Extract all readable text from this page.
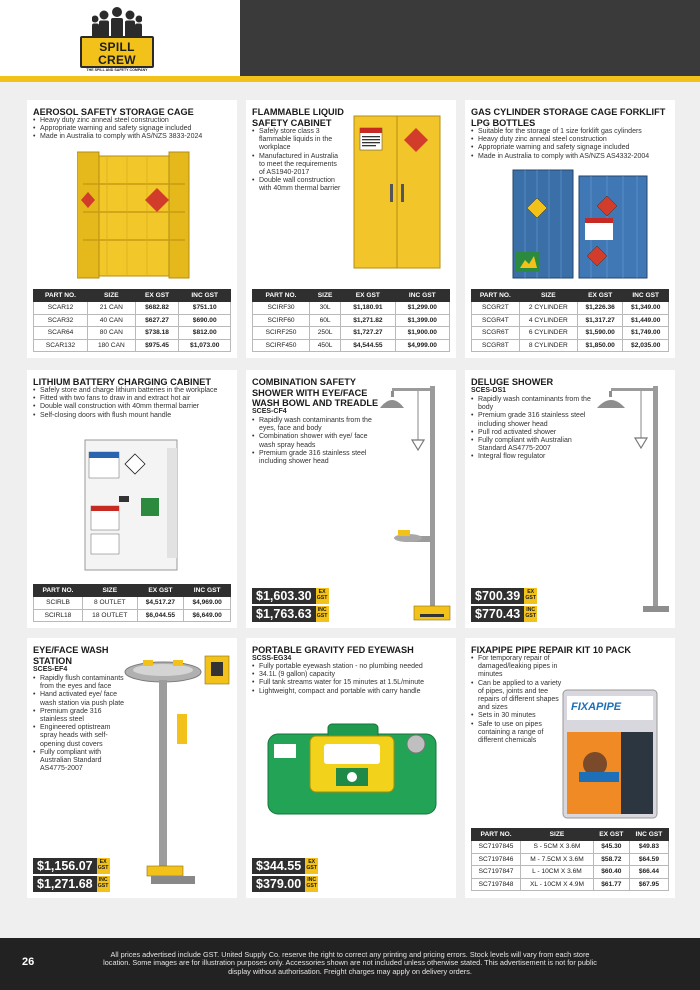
SPILL CREW
THE SPILL AND SAFETY COMPANY
AEROSOL SAFETY STORAGE CAGE
• Heavy duty zinc anneal steel construction
• Appropriate warning and safety signage included
• Made in Australia to comply with AS/NZS 3833-2024
PART NO.	SIZE	EX GST	INC GST
SCAR12	21 CAN	$682.82	$751.10
SCAR32	40 CAN	$627.27	$690.00
SCAR64	80 CAN	$738.18	$812.00
SCAR132	180 CAN	$975.45	$1,073.00
FLAMMABLE LIQUID SAFETY CABINET
• Safely store class 3 flammable liquids in the workplace
• Manufactured in Australia to meet the requirements of AS1940-2017
• Double wall construction with 40mm thermal barrier
PART NO.	SIZE	EX GST	INC GST
SCIRF30	30L	$1,180.91	$1,299.00
SCIRF60	60L	$1,271.82	$1,399.00
SCIRF250	250L	$1,727.27	$1,900.00
SCIRF450	450L	$4,544.55	$4,999.00
GAS CYLINDER STORAGE CAGE FORKLIFT LPG BOTTLES
• Suitable for the storage of 1 size forklift gas cylinders
• Heavy duty zinc anneal steel construction
• Appropriate warning and safety signage included
• Made in Australia to comply with AS/NZS AS4332-2004
PART NO.	SIZE	EX GST	INC GST
SCGR2T	2 CYLINDER	$1,226.36	$1,349.00
SCGR4T	4 CYLINDER	$1,317.27	$1,449.00
SCGR6T	6 CYLINDER	$1,590.00	$1,749.00
SCGR8T	8 CYLINDER	$1,850.00	$2,035.00
LITHIUM BATTERY CHARGING CABINET
• Safely store and charge lithium batteries in the workplace
• Fitted with two fans to draw in and extract hot air
• Double wall construction with 40mm thermal barrier
• Self-closing doors with flush mount handle
PART NO.	SIZE	EX GST	INC GST
SCIRLB	8 OUTLET	$4,517.27	$4,969.00
SCIRL18	18 OUTLET	$6,044.55	$6,649.00
COMBINATION SAFETY SHOWER WITH EYE/FACE WASH BOWL AND TREADLE
SCES-CF4
• Rapidly wash contaminants from the eyes, face and body
• Combination shower with eye/ face wash spray heads
• Premium grade 316 stainless steel including shower head
$1,603.30	EX
GST
$1,763.63	INC
GST
DELUGE SHOWER
SCES-DS1
• Rapidly wash contaminants from the body
• Premium grade 316 stainless steel including shower head
• Pull rod activated shower
• Fully compliant with Australian Standard AS4775-2007
• Integral flow regulator
$700.39	EX
GST
$770.43	INC
GST
EYE/FACE WASH STATION
SCES-EF4
• Rapidly flush contaminants from the eyes and face
• Hand activated eye/ face wash station via push plate
• Premium grade 316 stainless steel
• Engineered optistream spray heads with self-opening dust covers
• Fully compliant with Australian Standard AS4775-2007
$1,156.07	EX
GST
$1,271.68	INC
GST
PORTABLE GRAVITY FED EYEWASH
SCSS-EG34
• Fully portable eyewash station - no plumbing needed
• 34.1L (9 gallon) capacity
• Full tank streams water for 15 minutes at 1.5L/minute
• Lightweight, compact and portable with carry handle
$344.55	EX
GST
$379.00	INC
GST
FIXAPIPE PIPE REPAIR KIT 10 PACK
• For temporary repair of damaged/leaking pipes in minutes
• Can be applied to a variety of pipes, joints and tee repairs of different shapes and sizes
• Sets in 30 minutes
• Safe to use on pipes containing a range of different chemicals
FIXAPIPE
PART NO.	SIZE	EX GST	INC GST
SC7197845	S - 5CM X 3.6M	$45.30	$49.83
SC7197846	M - 7.5CM X 3.6M	$58.72	$64.59
SC7197847	L - 10CM X 3.6M	$60.40	$66.44
SC7197848	XL - 10CM X 4.9M	$61.77	$67.95
26
All prices advertised include GST. United Supply Co. reserve the right to correct any printing and pricing errors. Stock levels will vary from each store location. Some images are for illustration purposes only. Accessories shown are not included unless otherwise stated. This advertisement is not for public display without authorisation. Freight charges may apply on delivery orders.
